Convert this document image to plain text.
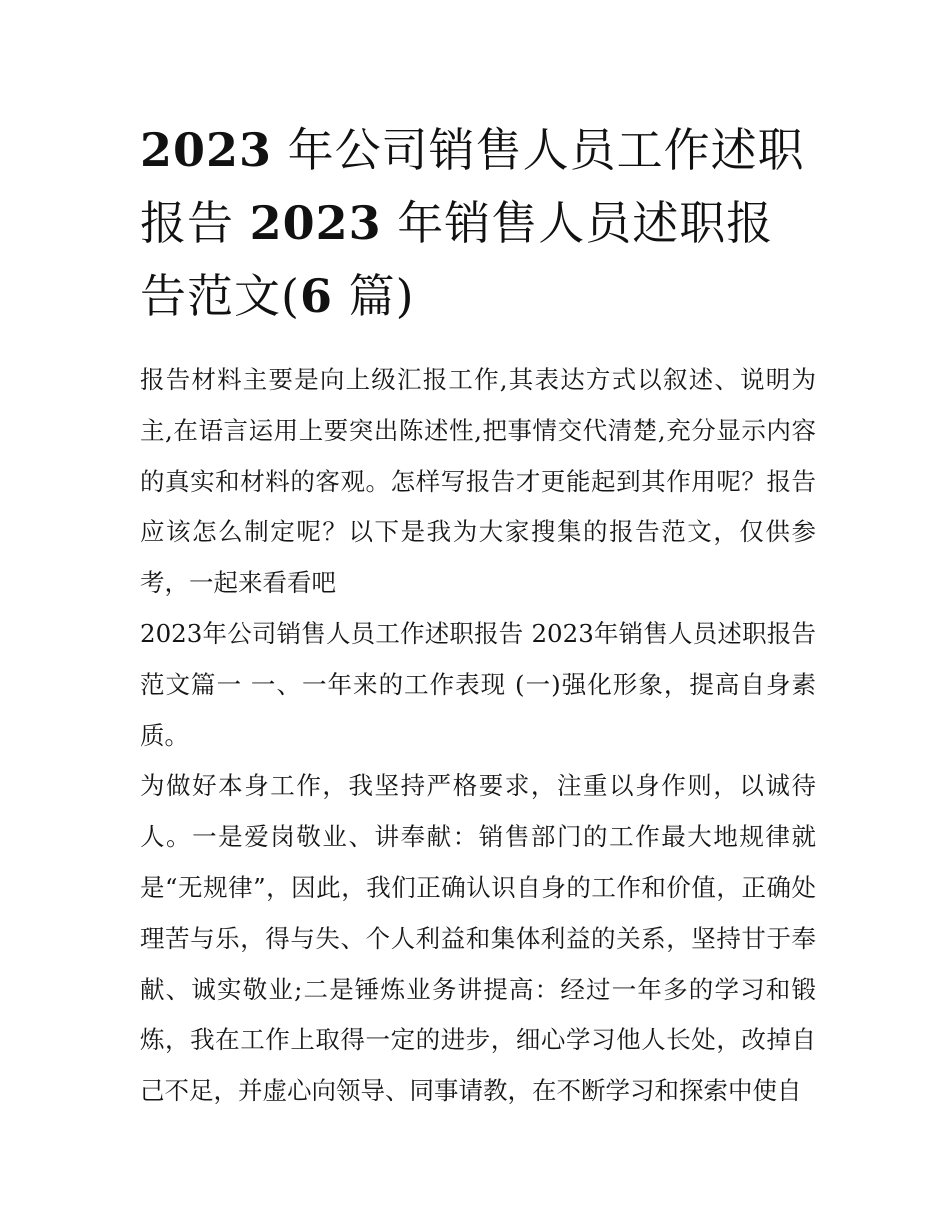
2023 年公司销售人员工作述职报告 2023 年销售人员述职报告范文(6 篇)

报告材料主要是向上级汇报工作,其表达方式以叙述、说明为主,在语言运用上要突出陈述性,把事情交代清楚,充分显示内容的真实和材料的客观。怎样写报告才更能起到其作用呢？报告应该怎么制定呢？以下是我为大家搜集的报告范文，仅供参考，一起来看看吧

2023年公司销售人员工作述职报告 2023年销售人员述职报告范文篇一 一、一年来的工作表现 (一)强化形象，提高自身素质。

为做好本身工作，我坚持严格要求，注重以身作则，以诚待人。一是爱岗敬业、讲奉献：销售部门的工作最大地规律就是“无规律”，因此，我们正确认识自身的工作和价值，正确处理苦与乐，得与失、个人利益和集体利益的关系，坚持甘于奉献、诚实敬业;二是锤炼业务讲提高：经过一年多的学习和锻炼，我在工作上取得一定的进步，细心学习他人长处，改掉自己不足，并虚心向领导、同事请教，在不断学习和探索中使自
